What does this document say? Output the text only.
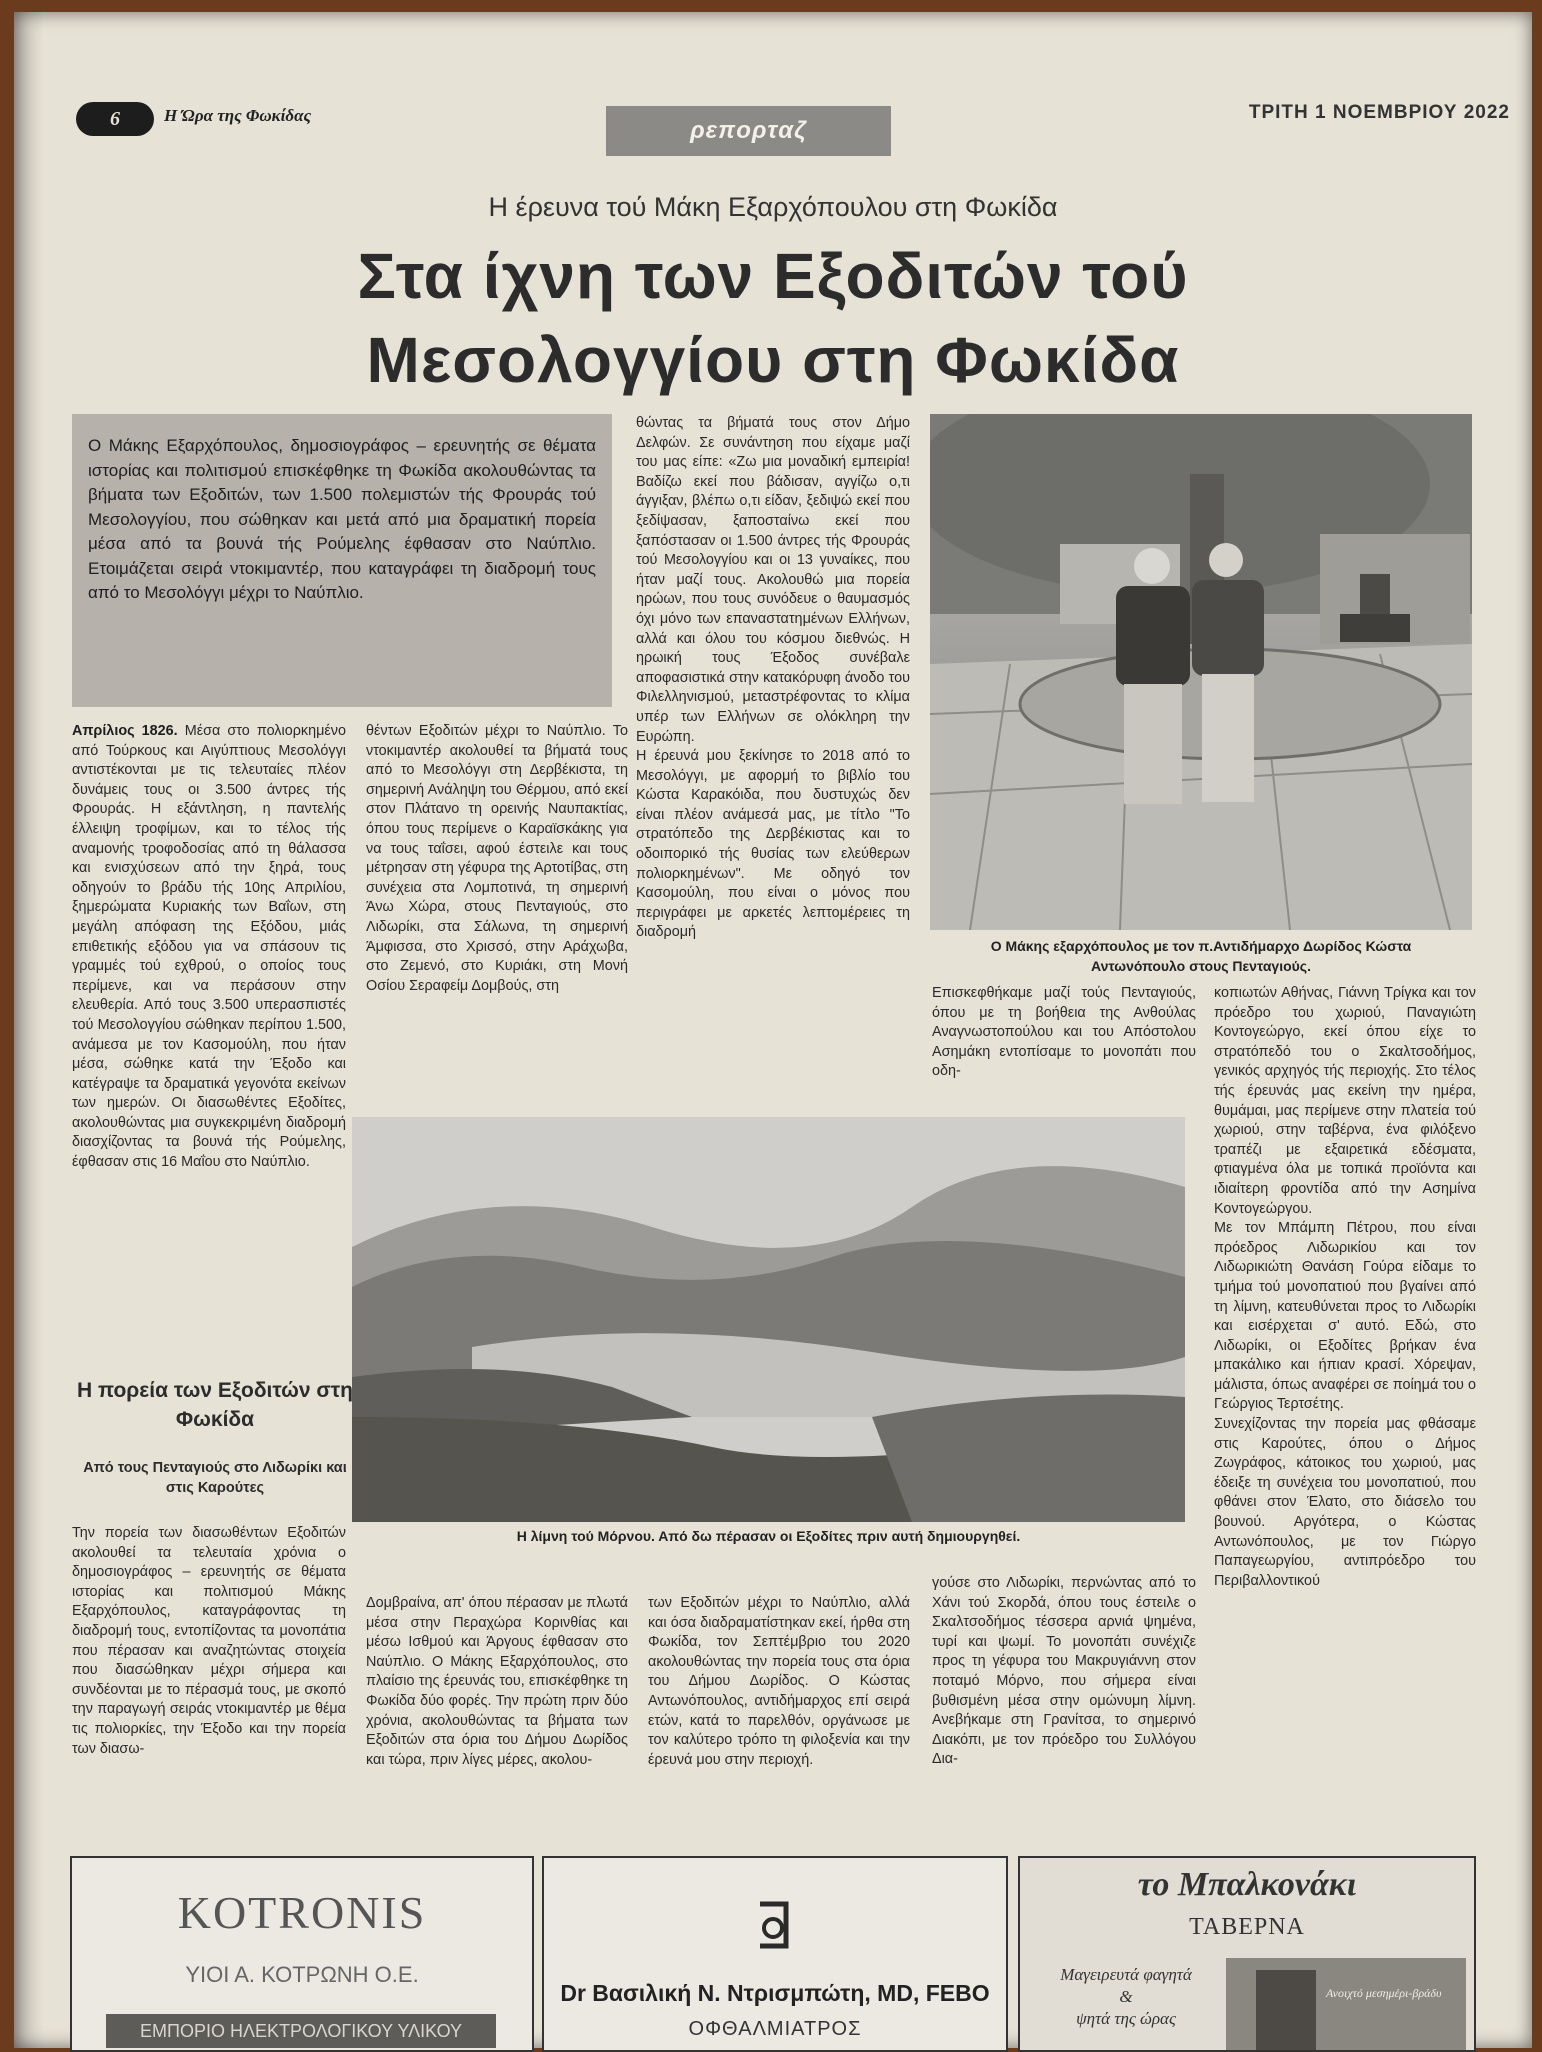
6	Η Ώρα της Φωκίδας
ρεπορταζ
ΤΡΙΤΗ 1 ΝΟΕΜΒΡΙΟΥ 2022
Η έρευνα τού Μάκη Εξαρχόπουλου στη Φωκίδα
Στα ίχνη των Εξοδιτών τού
Μεσολογγίου στη Φωκίδα
Ο Μάκης Εξαρχόπουλος, δημοσιογράφος – ερευνητής σε θέματα ιστορίας και πολιτισμού επισκέφθηκε τη Φωκίδα ακολουθώντας τα βήματα των Εξοδιτών, των 1.500 πολεμιστών τής Φρουράς τού Μεσολογγίου, που σώθηκαν και μετά από μια δραματική πορεία μέσα από τα βουνά τής Ρούμελης έφθασαν στο Ναύπλιο. Ετοιμάζεται σειρά ντοκιμαντέρ, που καταγράφει τη διαδρομή τους από το Μεσολόγγι μέχρι το Ναύπλιο.

θώντας τα βήματά τους στον Δήμο Δελφών. Σε συνάντηση που είχαμε μαζί του μας είπε: «Ζω μια μοναδική εμπειρία! Βαδίζω εκεί που βάδισαν, αγγίζω ο,τι άγγιξαν, βλέπω ο,τι είδαν, ξεδιψώ εκεί που ξεδίψασαν, ξαποσταίνω εκεί που ξαπόστασαν οι 1.500 άντρες τής Φρουράς τού Μεσολογγίου και οι 13 γυναίκες, που ήταν μαζί τους. Ακολουθώ μια πορεία ηρώων, που τους συνόδευε ο θαυμασμός όχι μόνο των επαναστατημένων Ελλήνων, αλλά και όλου του κόσμου διεθνώς. Η ηρωική τους Έξοδος συνέβαλε αποφασιστικά στην κατακόρυφη άνοδο του Φιλελληνισμού, μεταστρέφοντας το κλίμα υπέρ των Ελλήνων σε ολόκληρη την Ευρώπη.

Η έρευνά μου ξεκίνησε το 2018 από το Μεσολόγγι, με αφορμή το βιβλίο του Κώστα Καρακόιδα, που δυστυχώς δεν είναι πλέον ανάμεσά μας, με τίτλο "Το στρατόπεδο της Δερβέκιστας και το οδοιπορικό τής θυσίας των ελεύθερων πολιορκημένων". Με οδηγό τον Κασομούλη, που είναι ο μόνος που περιγράφει με αρκετές λεπτομέρειες τη διαδρομή

Ο Μάκης εξαρχόπουλος με τον π.Αντιδήμαρχο Δωρίδος Κώστα
Αντωνόπουλο στους Πενταγιούς.

Απρίλιος 1826. Μέσα στο πολιορκημένο από Τούρκους και Αιγύπτιους Μεσολόγγι αντιστέκονται με τις τελευταίες πλέον δυνάμεις τους οι 3.500 άντρες τής Φρουράς. Η εξάντληση, η παντελής έλλειψη τροφίμων, και το τέλος τής αναμονής τροφοδοσίας από τη θάλασσα και ενισχύσεων από την ξηρά, τους οδηγούν το βράδυ τής 10ης Απριλίου, ξημερώματα Κυριακής των Βαΐων, στη μεγάλη απόφαση της Εξόδου, μιάς επιθετικής εξόδου για να σπάσουν τις γραμμές τού εχθρού, ο οποίος τους περίμενε, και να περάσουν στην ελευθερία. Από τους 3.500 υπερασπιστές τού Μεσολογγίου σώθηκαν περίπου 1.500, ανάμεσα με τον Κασομούλη, που ήταν μέσα, σώθηκε κατά την Έξοδο και κατέγραψε τα δραματικά γεγονότα εκείνων των ημερών. Οι διασωθέντες Εξοδίτες, ακολουθώντας μια συγκεκριμένη διαδρομή διασχίζοντας τα βουνά τής Ρούμελης, έφθασαν στις 16 Μαΐου στο Ναύπλιο.

θέντων Εξοδιτών μέχρι το Ναύπλιο. Το ντοκιμαντέρ ακολουθεί τα βήματά τους από το Μεσολόγγι στη Δερβέκιστα, τη σημερινή Ανάληψη του Θέρμου, από εκεί στον Πλάτανο τη ορεινής Ναυπακτίας, όπου τους περίμενε ο Καραϊσκάκης για να τους ταΐσει, αφού έστειλε και τους μέτρησαν στη γέφυρα της Αρτοτίβας, στη συνέχεια στα Λομποτινά, τη σημερινή Άνω Χώρα, στους Πενταγιούς, στο Λιδωρίκι, στα Σάλωνα, τη σημερινή Άμφισσα, στο Χρισσό, στην Αράχωβα, στο Ζεμενό, στο Κυριάκι, στη Μονή Οσίου Σεραφείμ Δομβούς, στη	Επισκεφθήκαμε μαζί τούς Πενταγιούς, όπου με τη βοήθεια της Ανθούλας Αναγνωστοπούλου και του Απόστολου Ασημάκη εντοπίσαμε το μονοπάτι που οδη-

κοπιωτών Αθήνας, Γιάννη Τρίγκα και τον πρόεδρο του χωριού, Παναγιώτη Κοντογεώργο, εκεί όπου είχε το στρατόπεδό του ο Σκαλτσοδήμος, γενικός αρχηγός τής περιοχής. Στο τέλος τής έρευνάς μας εκείνη την ημέρα, θυμάμαι, μας περίμενε στην πλατεία τού χωριού, στην ταβέρνα, ένα φιλόξενο τραπέζι με εξαιρετικά εδέσματα, φτιαγμένα όλα με τοπικά προϊόντα και ιδιαίτερη φροντίδα από την Ασημίνα Κοντογεώργου.

Με τον Μπάμπη Πέτρου, που είναι πρόεδρος Λιδωρικίου και τον Λιδωρικιώτη Θανάση Γούρα είδαμε το τμήμα τού μονοπατιού που βγαίνει από τη λίμνη, κατευθύνεται προς το Λιδωρίκι και εισέρχεται σ' αυτό. Εδώ, στο Λιδωρίκι, οι Εξοδίτες βρήκαν ένα μπακάλικο και ήπιαν κρασί. Χόρεψαν, μάλιστα, όπως αναφέρει σε ποίημά του ο Γεώργιος Τερτσέτης.

Συνεχίζοντας την πορεία μας φθάσαμε στις Καρούτες, όπου ο Δήμος Ζωγράφος, κάτοικος του χωριού, μας έδειξε τη συνέχεια του μονοπατιού, που φθάνει στον Έλατο, στο διάσελο του βουνού. Αργότερα, ο Κώστας Αντωνόπουλος, με τον Γιώργο Παπαγεωργίου, αντιπρόεδρο του Περιβαλλοντικού

Η λίμνη τού Μόρνου. Από δω πέρασαν οι Εξοδίτες πριν αυτή δημιουργηθεί.
Η πορεία των Εξοδιτών στη Φωκίδα
Από τους Πενταγιούς στο Λιδωρίκι και στις Καρούτες
Την πορεία των διασωθέντων Εξοδιτών ακολουθεί τα τελευταία χρόνια ο δημοσιογράφος – ερευνητής σε θέματα ιστορίας και πολιτισμού Μάκης Εξαρχόπουλος, καταγράφοντας τη διαδρομή τους, εντοπίζοντας τα μονοπάτια που πέρασαν και αναζητώντας στοιχεία που διασώθηκαν μέχρι σήμερα και συνδέονται με το πέρασμά τους, με σκοπό την παραγωγή σειράς ντοκιμαντέρ με θέμα τις πολιορκίες, την Έξοδο και την πορεία των διασω-
Δομβραίνα, απ' όπου πέρασαν με πλωτά μέσα στην Περαχώρα Κορινθίας και μέσω Ισθμού και Άργους έφθασαν στο Ναύπλιο. Ο Μάκης Εξαρχόπουλος, στο πλαίσιο της έρευνάς του, επισκέφθηκε τη Φωκίδα δύο φορές. Την πρώτη πριν δύο χρόνια, ακολουθώντας τα βήματα των Εξοδιτών στα όρια του Δήμου Δωρίδος και τώρα, πριν λίγες μέρες, ακολου-
των Εξοδιτών μέχρι το Ναύπλιο, αλλά και όσα διαδραματίστηκαν εκεί, ήρθα στη Φωκίδα, τον Σεπτέμβριο του 2020 ακολουθώντας την πορεία τους στα όρια του Δήμου Δωρίδος. Ο Κώστας Αντωνόπουλος, αντιδήμαρχος επί σειρά ετών, κατά το παρελθόν, οργάνωσε με τον καλύτερο τρόπο τη φιλοξενία και την έρευνά μου στην περιοχή.
γούσε στο Λιδωρίκι, περνώντας από το Χάνι τού Σκορδά, όπου τους έστειλε ο Σκαλτσοδήμος τέσσερα αρνιά ψημένα, τυρί και ψωμί. Το μονοπάτι συνέχιζε προς τη γέφυρα του Μακρυγιάννη στον ποταμό Μόρνο, που σήμερα είναι βυθισμένη μέσα στην ομώνυμη λίμνη. Ανεβήκαμε στη Γρανίτσα, το σημερινό Διακόπι, με τον πρόεδρο του Συλλόγου Δια-
KOTRONIS
ΥΙΟΙ Α. ΚΟΤΡΩΝΗ Ο.Ε.
ΕΜΠΟΡΙΟ ΗΛΕΚΤΡΟΛΟΓΙΚΟΥ ΥΛΙΚΟΥ
Dr Βασιλική Ν. Ντρισμπώτη, MD, FEBO
ΟΦΘΑΛΜΙΑΤΡΟΣ
το Μπαλκονάκι
ΤΑΒΕΡΝΑ
Μαγειρευτά φαγητά
&
ψητά της ώρας
Ανοιχτό μεσημέρι-βράδυ
